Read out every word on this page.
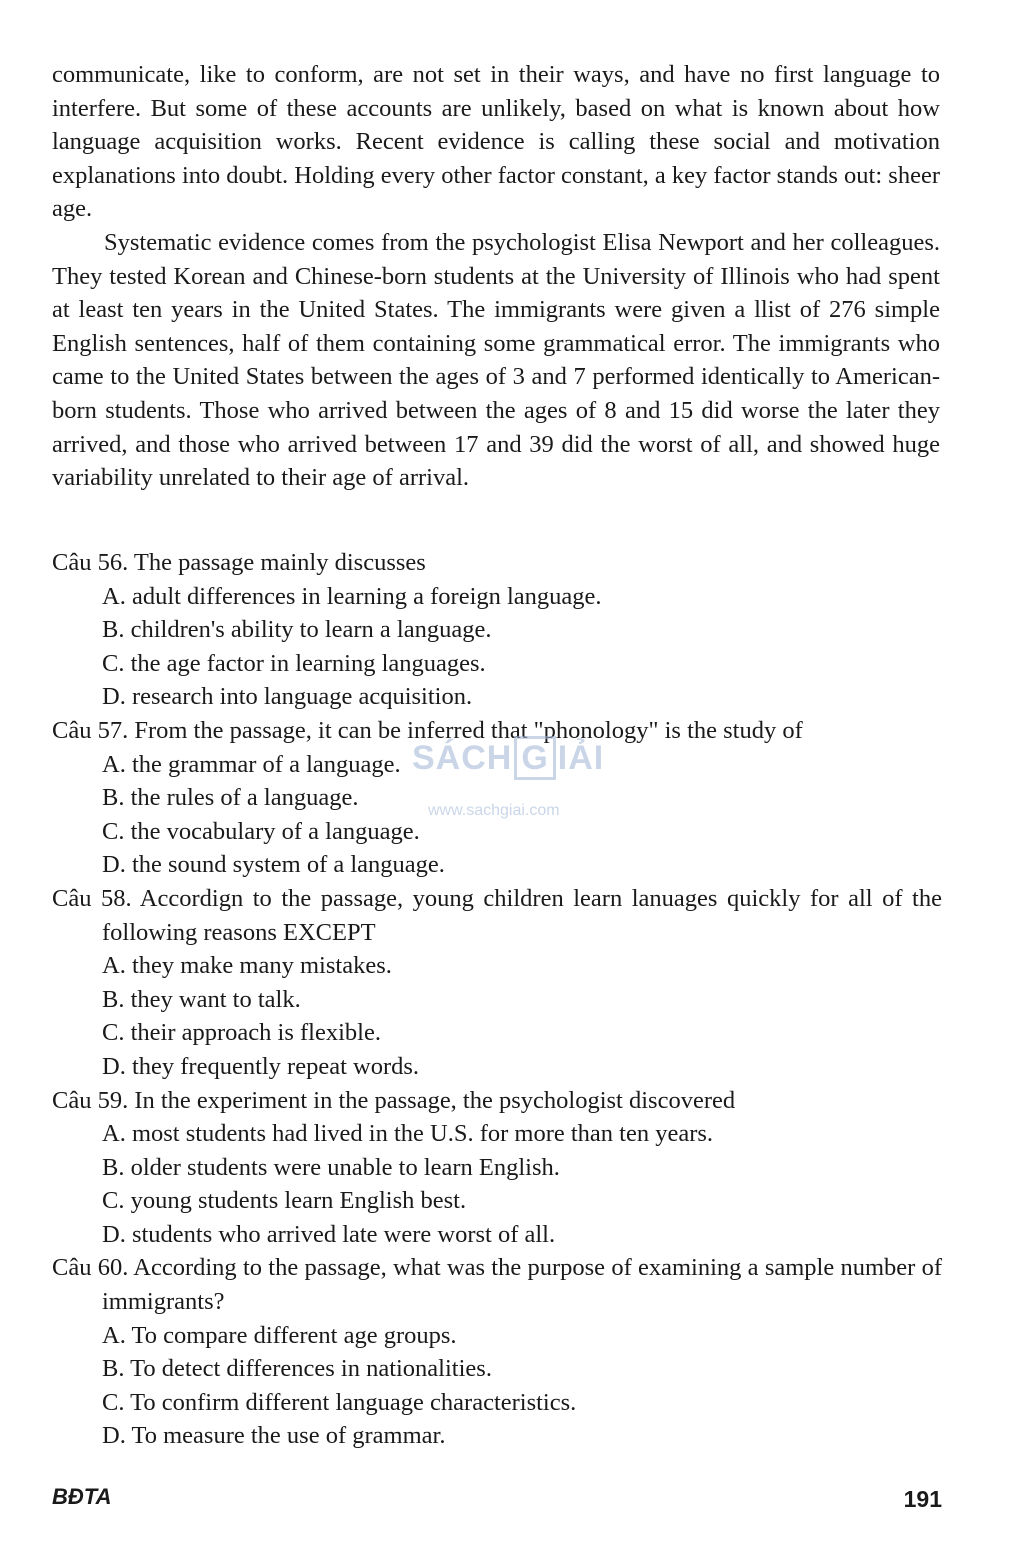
communicate, like to conform, are not set in their ways, and have no first language to interfere. But some of these accounts are unlikely, based on what is known about how language acquisition works. Recent evidence is calling these social and motivation explanations into doubt. Holding every other factor constant, a key factor stands out: sheer age.

Systematic evidence comes from the psychologist Elisa Newport and her colleagues. They tested Korean and Chinese-born students at the University of Illinois who had spent at least ten years in the United States. The immigrants were given a llist of 276 simple English sentences, half of them containing some grammatical error. The immigrants who came to the United States between the ages of 3 and 7 performed identically to American-born students. Those who arrived between the ages of 8 and 15 did worse the later they arrived, and those who arrived between 17 and 39 did the worst of all, and showed huge variability unrelated to their age of arrival.

Câu 56. The passage mainly discusses
A. adult differences in learning a foreign language.
B. children's ability to learn a language.
C. the age factor in learning languages.
D. research into language acquisition.
Câu 57. From the passage, it can be inferred that "phonology" is the study of
A. the grammar of a language.
B. the rules of a language.
C. the vocabulary of a language.
D. the sound system of a language.
Câu 58. Accordign to the passage, young children learn lanuages quickly for all of the following reasons EXCEPT
A. they make many mistakes.
B. they want to talk.
C. their approach is flexible.
D. they frequently repeat words.
Câu 59. In the experiment in the passage, the psychologist discovered
A. most students had lived in the U.S. for more than ten years.
B. older students were unable to learn English.
C. young students learn English best.
D. students who arrived late were worst of all.
Câu 60. According to the passage, what was the purpose of examining a sample number of immigrants?
A. To compare different age groups.
B. To detect differences in nationalities.
C. To confirm different language characteristics.
D. To measure the use of grammar.
SÁCH G IẢI
www.sachgiai.com
BĐTA	191
